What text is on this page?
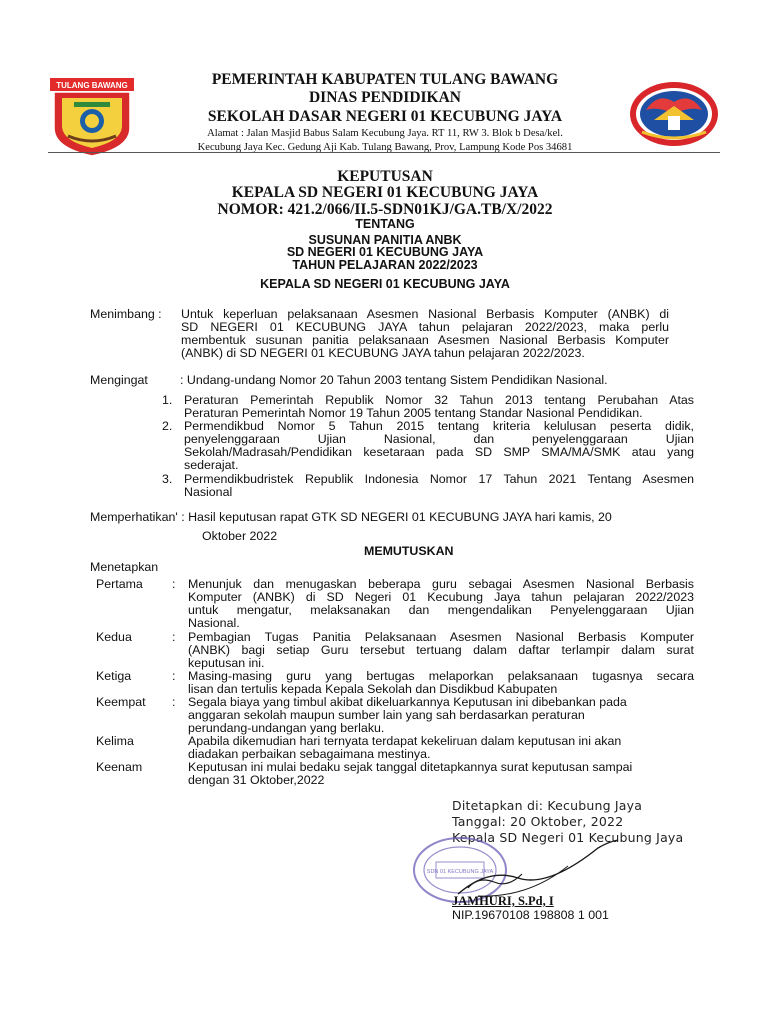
TULANG BAWANG	PEMERINTAH KABUPATEN TULANG BAWANG
DINAS PENDIDIKAN
SEKOLAH DASAR NEGERI 01 KECUBUNG JAYA
Alamat : Jalan Masjid Babus Salam Kecubung Jaya. RT 11, RW 3. Blok b Desa/kel.
Kecubung Jaya Kec. Gedung Aji Kab. Tulang Bawang, Prov, Lampung Kode Pos 34681
KEPUTUSAN
KEPALA SD NEGERI 01 KECUBUNG JAYA
NOMOR: 421.2/066/II.5-SDN01KJ/GA.TB/X/2022
TENTANG
SUSUNAN PANITIA ANBK
SD NEGERI 01 KECUBUNG JAYA
TAHUN PELAJARAN 2022/2023
KEPALA SD NEGERI 01 KECUBUNG JAYA
Menimbang : Untuk keperluan pelaksanaan Asesmen Nasional Berbasis Komputer (ANBK) di
SD NEGERI 01 KECUBUNG JAYA tahun pelajaran 2022/2023, maka perlu
membentuk susunan panitia pelaksanaan Asesmen Nasional Berbasis Komputer
(ANBK) di SD NEGERI 01 KECUBUNG JAYA tahun pelajaran 2022/2023.
Mengingat	: Undang-undang Nomor 20 Tahun 2003 tentang Sistem Pendidikan Nasional.
1. Peraturan Pemerintah Republik Nomor 32 Tahun 2013 tentang Perubahan Atas
Peraturan Pemerintah Nomor 19 Tahun 2005 tentang Standar Nasional Pendidikan.
2. Permendikbud Nomor 5 Tahun 2015 tentang kriteria kelulusan peserta didik,
penyelenggaraan Ujian Nasional, dan penyelenggaraan Ujian
Sekolah/Madrasah/Pendidikan kesetaraan pada SD SMP SMA/MA/SMK atau yang
sederajat.
3. Permendikbudristek Republik Indonesia Nomor 17 Tahun 2021 Tentang Asesmen
Nasional
Memperhatikan' : Hasil keputusan rapat GTK SD NEGERI 01 KECUBUNG JAYA hari kamis, 20
Oktober 2022
MEMUTUSKAN
Menetapkan
Pertama : Menunjuk dan menugaskan beberapa guru sebagai Asesmen Nasional Berbasis
Komputer (ANBK) di SD Negeri 01 Kecubung Jaya tahun pelajaran 2022/2023
untuk mengatur, melaksanakan dan mengendalikan Penyelenggaraan Ujian
Nasional.
Kedua	: Pembagian Tugas Panitia Pelaksanaan Asesmen Nasional Berbasis Komputer
(ANBK) bagi setiap Guru tersebut tertuang dalam daftar terlampir dalam surat
keputusan ini.
Ketiga	: Masing-masing guru yang bertugas melaporkan pelaksanaan tugasnya secara
lisan dan tertulis kepada Kepala Sekolah dan Disdikbud Kabupaten
Keempat : Segala biaya yang timbul akibat dikeluarkannya Keputusan ini dibebankan pada
anggaran sekolah maupun sumber lain yang sah berdasarkan peraturan
perundang-undangan yang berlaku.
Kelima	Apabila dikemudian hari ternyata terdapat kekeliruan dalam keputusan ini akan
diadakan perbaikan sebagaimana mestinya.
Keenam	Keputusan ini mulai bedaku sejak tanggal ditetapkannya surat keputusan sampai
dengan 31 Oktober,2022
Ditetapkan di: Kecubung Jaya
Tanggal: 20 Oktober, 2022
Kepala SD Negeri 01 Kecubung Jaya
SDN 01 KECUBUNG JAYA
JAMHURI, S.Pd, I
NIP.19670108 198808 1 001
